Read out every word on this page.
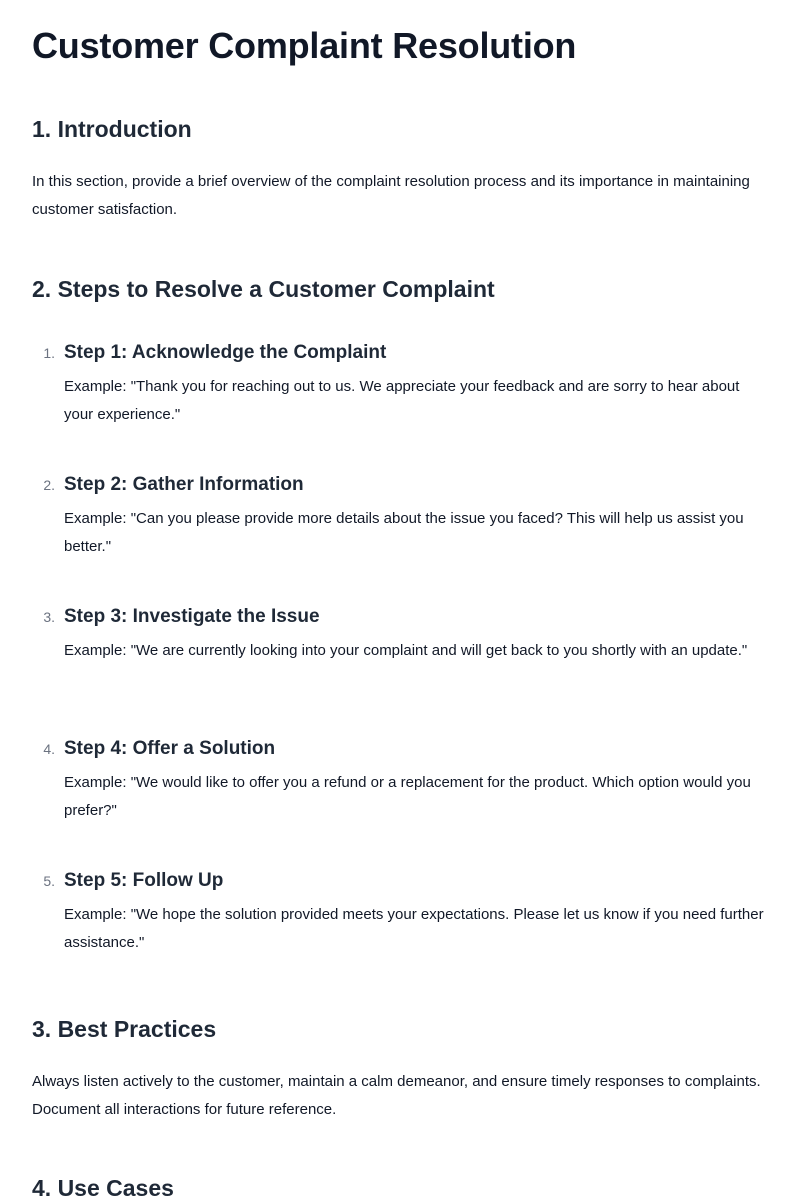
Customer Complaint Resolution
1. Introduction

In this section, provide a brief overview of the complaint resolution process and its importance in maintaining customer satisfaction.

2. Steps to Resolve a Customer Complaint
1. Step 1: Acknowledge the Complaint

Example: "Thank you for reaching out to us. We appreciate your feedback and are sorry to hear about your experience."

2. Step 2: Gather Information

Example: "Can you please provide more details about the issue you faced? This will help us assist you better."

3. Step 3: Investigate the Issue

Example: "We are currently looking into your complaint and will get back to you shortly with an update."

4. Step 4: Offer a Solution

Example: "We would like to offer you a refund or a replacement for the product. Which option would you prefer?"

5. Step 5: Follow Up

Example: "We hope the solution provided meets your expectations. Please let us know if you need further assistance."

3. Best Practices

Always listen actively to the customer, maintain a calm demeanor, and ensure timely responses to complaints. Document all interactions for future reference.

4. Use Cases
